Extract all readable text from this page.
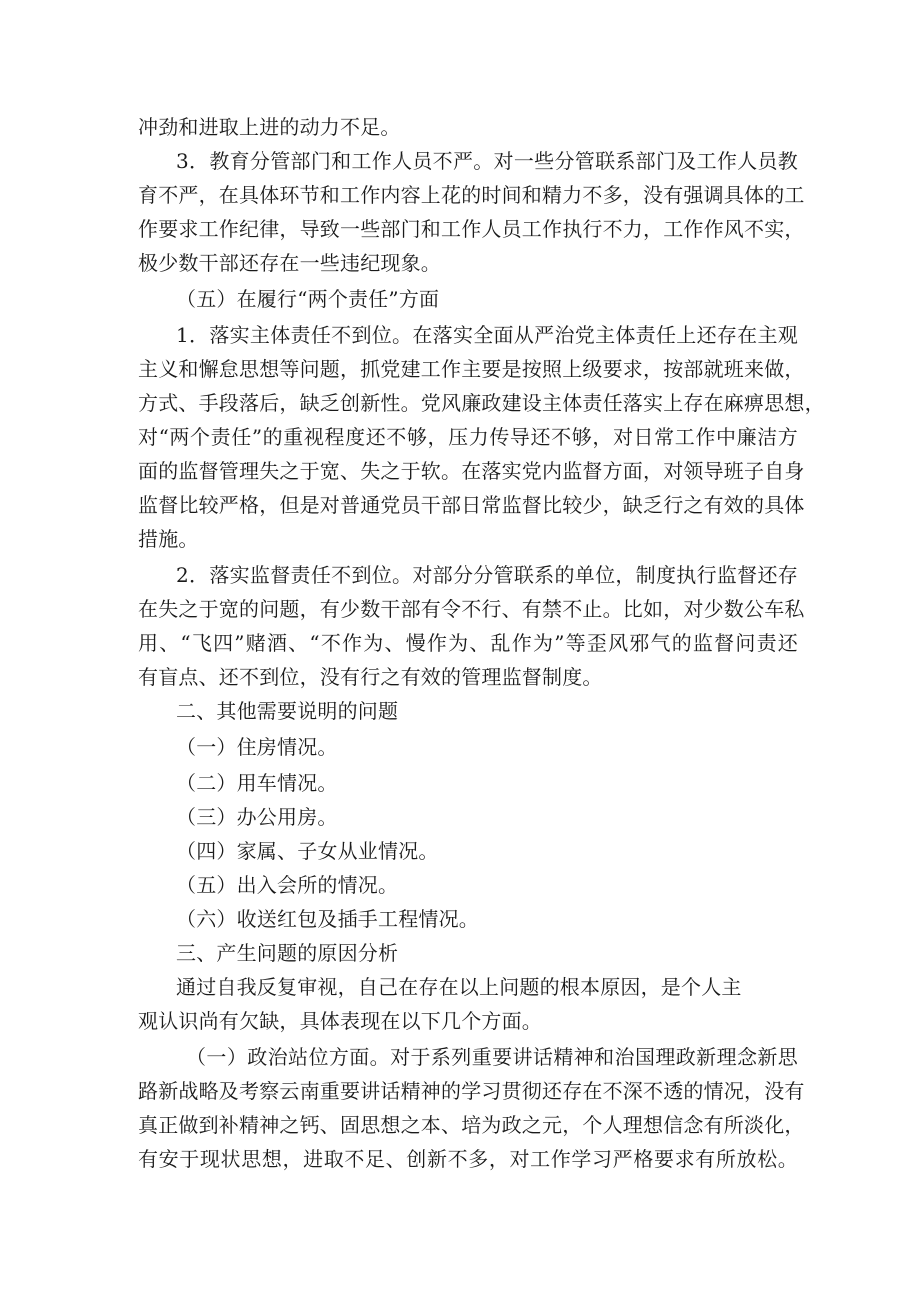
冲劲和进取上进的动力不足。
3．教育分管部门和工作人员不严。对一些分管联系部门及工作人员教
育不严，在具体环节和工作内容上花的时间和精力不多，没有强调具体的工
作要求工作纪律，导致一些部门和工作人员工作执行不力，工作作风不实，
极少数干部还存在一些违纪现象。
（五）在履行“两个责任”方面
1．落实主体责任不到位。在落实全面从严治党主体责任上还存在主观
主义和懈怠思想等问题，抓党建工作主要是按照上级要求，按部就班来做，
方式、手段落后，缺乏创新性。党风廉政建设主体责任落实上存在麻痹思想，
对“两个责任”的重视程度还不够，压力传导还不够，对日常工作中廉洁方
面的监督管理失之于宽、失之于软。在落实党内监督方面，对领导班子自身
监督比较严格，但是对普通党员干部日常监督比较少，缺乏行之有效的具体
措施。
2．落实监督责任不到位。对部分分管联系的单位，制度执行监督还存
在失之于宽的问题，有少数干部有令不行、有禁不止。比如，对少数公车私
用、“飞四”赌酒、“不作为、慢作为、乱作为”等歪风邪气的监督问责还
有盲点、还不到位，没有行之有效的管理监督制度。
二、其他需要说明的问题
（一）住房情况。
（二）用车情况。
（三）办公用房。
（四）家属、子女从业情况。
（五）出入会所的情况。
（六）收送红包及插手工程情况。
三、产生问题的原因分析
通过自我反复审视，自己在存在以上问题的根本原因，是个人主
观认识尚有欠缺，具体表现在以下几个方面。
（一）政治站位方面。对于系列重要讲话精神和治国理政新理念新思
路新战略及考察云南重要讲话精神的学习贯彻还存在不深不透的情况，没有
真正做到补精神之钙、固思想之本、培为政之元，个人理想信念有所淡化，
有安于现状思想，进取不足、创新不多，对工作学习严格要求有所放松。
